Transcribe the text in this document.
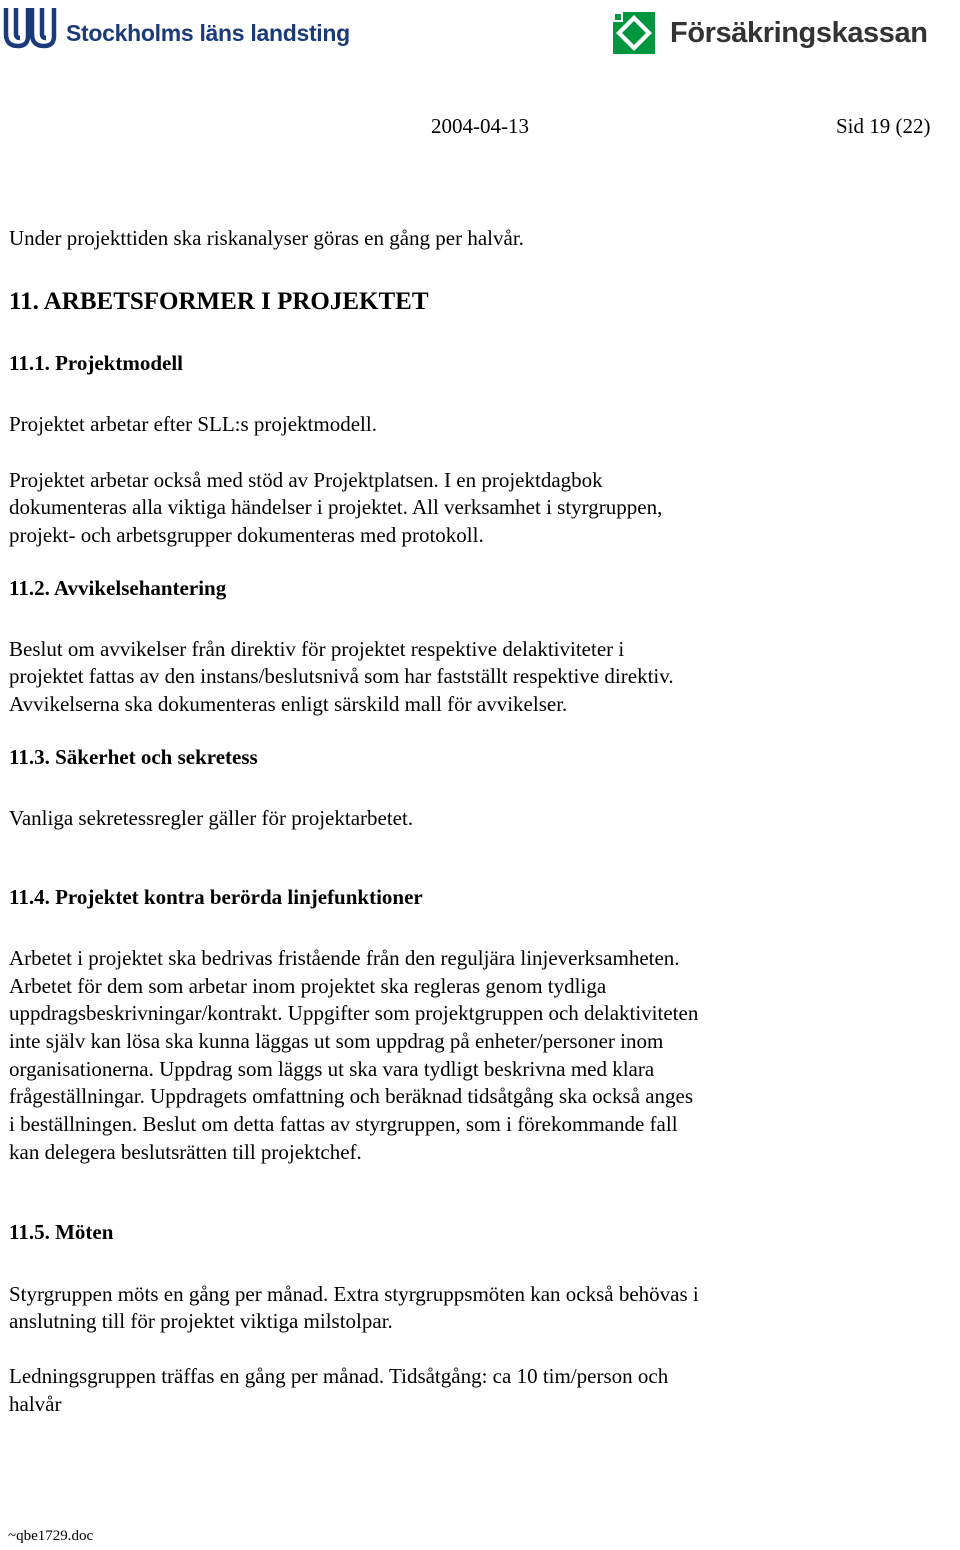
Stockholms läns landsting	Försäkringskassan
2004-04-13	Sid 19 (22)

Under projekttiden ska riskanalyser göras en gång per halvår.

11. ARBETSFORMER I PROJEKTET

11.1. Projektmodell

Projektet arbetar efter SLL:s projektmodell.

Projektet arbetar också med stöd av Projektplatsen. I en projektdagbok

dokumenteras alla viktiga händelser i projektet. All verksamhet i styrgruppen,

projekt- och arbetsgrupper dokumenteras med protokoll.

11.2. Avvikelsehantering

Beslut om avvikelser från direktiv för projektet respektive delaktiviteter i

projektet fattas av den instans/beslutsnivå som har fastställt respektive direktiv.

Avvikelserna ska dokumenteras enligt särskild mall för avvikelser.

11.3. Säkerhet och sekretess

Vanliga sekretessregler gäller för projektarbetet.

11.4. Projektet kontra berörda linjefunktioner

Arbetet i projektet ska bedrivas fristående från den reguljära linjeverksamheten.

Arbetet för dem som arbetar inom projektet ska regleras genom tydliga

uppdragsbeskrivningar/kontrakt. Uppgifter som projektgruppen och delaktiviteten

inte själv kan lösa ska kunna läggas ut som uppdrag på enheter/personer inom

organisationerna. Uppdrag som läggs ut ska vara tydligt beskrivna med klara

frågeställningar. Uppdragets omfattning och beräknad tidsåtgång ska också anges

i beställningen. Beslut om detta fattas av styrgruppen, som i förekommande fall

kan delegera beslutsrätten till projektchef.

11.5. Möten

Styrgruppen möts en gång per månad. Extra styrgruppsmöten kan också behövas i

anslutning till för projektet viktiga milstolpar.

Ledningsgruppen träffas en gång per månad. Tidsåtgång: ca 10 tim/person och

halvår

~qbe1729.doc
